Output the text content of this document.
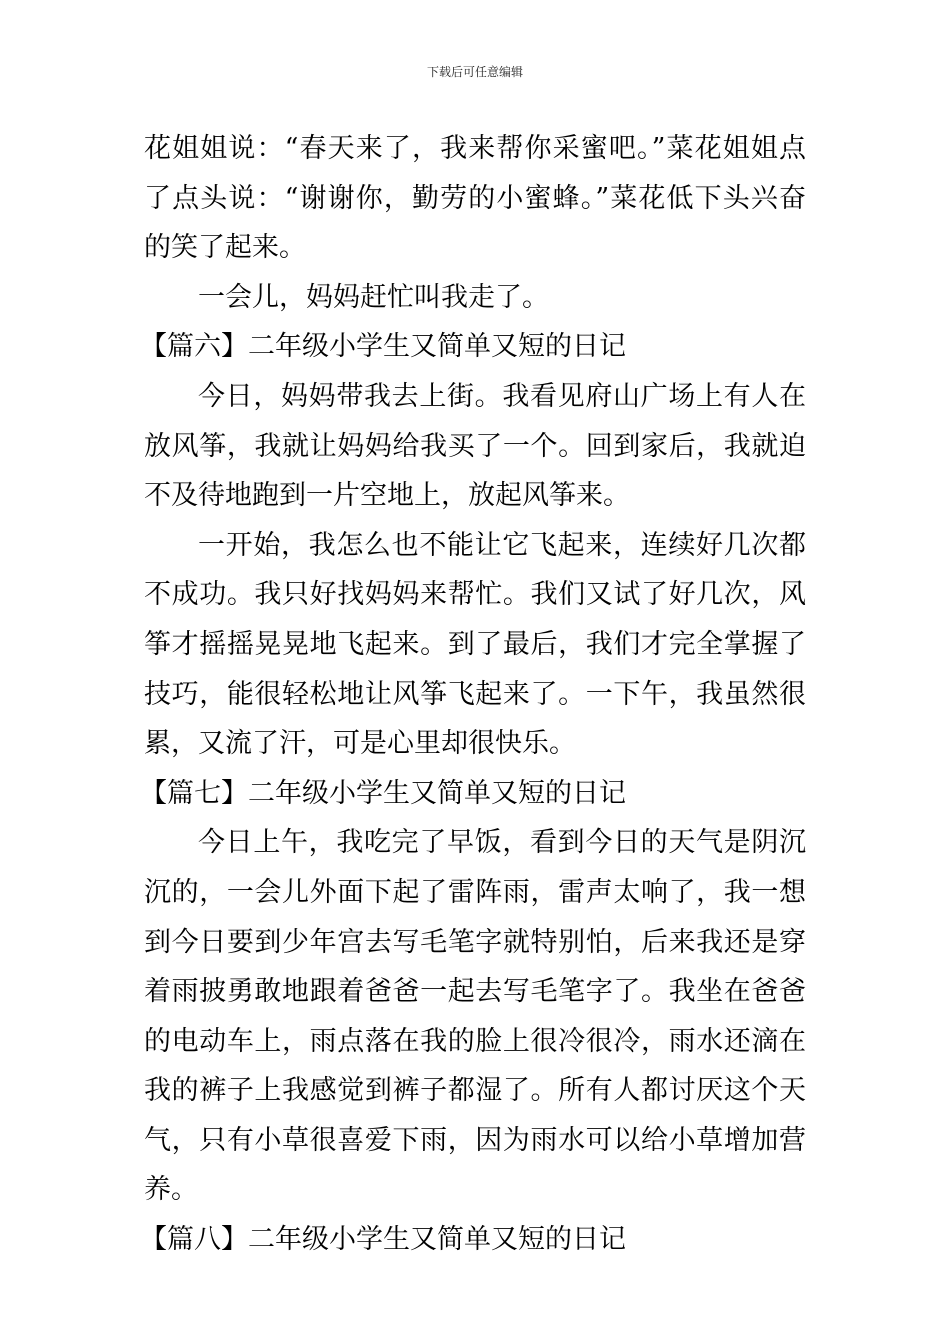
下载后可任意编辑

花姐姐说：“春天来了，我来帮你采蜜吧。”菜花姐姐点了点头说：“谢谢你，勤劳的小蜜蜂。”菜花低下头兴奋的笑了起来。

一会儿，妈妈赶忙叫我走了。

【篇六】二年级小学生又简单又短的日记

今日，妈妈带我去上街。我看见府山广场上有人在放风筝，我就让妈妈给我买了一个。回到家后，我就迫不及待地跑到一片空地上，放起风筝来。

一开始，我怎么也不能让它飞起来，连续好几次都不成功。我只好找妈妈来帮忙。我们又试了好几次，风筝才摇摇晃晃地飞起来。到了最后，我们才完全掌握了技巧，能很轻松地让风筝飞起来了。一下午，我虽然很累，又流了汗，可是心里却很快乐。

【篇七】二年级小学生又简单又短的日记

今日上午，我吃完了早饭，看到今日的天气是阴沉沉的，一会儿外面下起了雷阵雨，雷声太响了，我一想到今日要到少年宫去写毛笔字就特别怕，后来我还是穿着雨披勇敢地跟着爸爸一起去写毛笔字了。我坐在爸爸的电动车上，雨点落在我的脸上很冷很冷，雨水还滴在我的裤子上我感觉到裤子都湿了。所有人都讨厌这个天气，只有小草很喜爱下雨，因为雨水可以给小草增加营养。

【篇八】二年级小学生又简单又短的日记
